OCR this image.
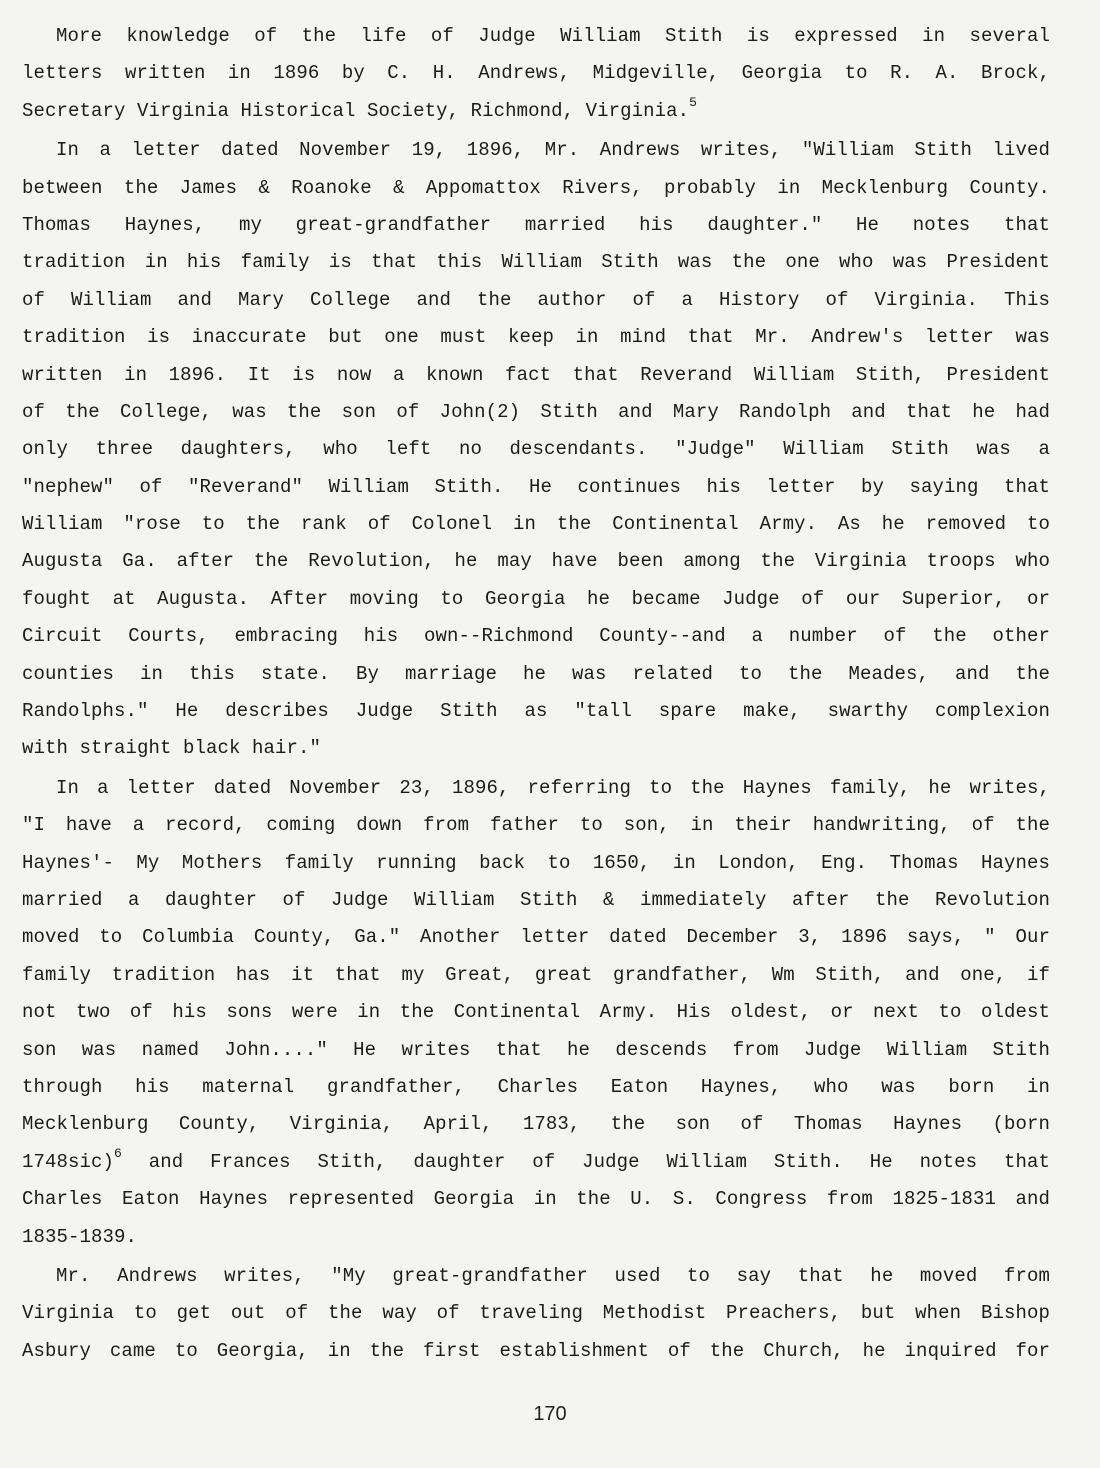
More knowledge of the life of Judge William Stith is expressed in several
letters written in 1896 by C. H. Andrews, Midgeville, Georgia to R. A. Brock,
Secretary Virginia Historical Society, Richmond, Virginia.$^5$
In a letter dated November 19, 1896, Mr. Andrews writes, "William Stith lived
between the James & Roanoke & Appomattox Rivers, probably in Mecklenburg County.
Thomas Haynes, my great-grandfather married his daughter." He notes that
tradition in his family is that this William Stith was the one who was President
of William and Mary College and the author of a History of Virginia. This
tradition is inaccurate but one must keep in mind that Mr. Andrew's letter was
written in 1896. It is now a known fact that Reverand William Stith, President
of the College, was the son of John(2) Stith and Mary Randolph and that he had
only three daughters, who left no descendants. "Judge" William Stith was a
"nephew" of "Reverand" William Stith. He continues his letter by saying that
William "rose to the rank of Colonel in the Continental Army. As he removed to
Augusta Ga. after the Revolution, he may have been among the Virginia troops who
fought at Augusta. After moving to Georgia he became Judge of our Superior, or
Circuit Courts, embracing his own--Richmond County--and a number of the other
counties in this state. By marriage he was related to the Meades, and the
Randolphs." He describes Judge Stith as "tall spare make, swarthy complexion
with straight black hair."
In a letter dated November 23, 1896, referring to the Haynes family, he writes,
"I have a record, coming down from father to son, in their handwriting, of the
Haynes'- My Mothers family running back to 1650, in London, Eng. Thomas Haynes
married a daughter of Judge William Stith & immediately after the Revolution
moved to Columbia County, Ga." Another letter dated December 3, 1896 says, " Our
family tradition has it that my Great, great grandfather, Wm Stith, and one, if
not two of his sons were in the Continental Army. His oldest, or next to oldest
son was named John...." He writes that he descends from Judge William Stith
through his maternal grandfather, Charles Eaton Haynes, who was born in
Mecklenburg County, Virginia, April, 1783, the son of Thomas Haynes (born
1748sic)$^6$ and Frances Stith, daughter of Judge William Stith. He notes that
Charles Eaton Haynes represented Georgia in the U. S. Congress from 1825-1831 and
1835-1839.
Mr. Andrews writes, "My great-grandfather used to say that he moved from
Virginia to get out of the way of traveling Methodist Preachers, but when Bishop
Asbury came to Georgia, in the first establishment of the Church, he inquired for
170
